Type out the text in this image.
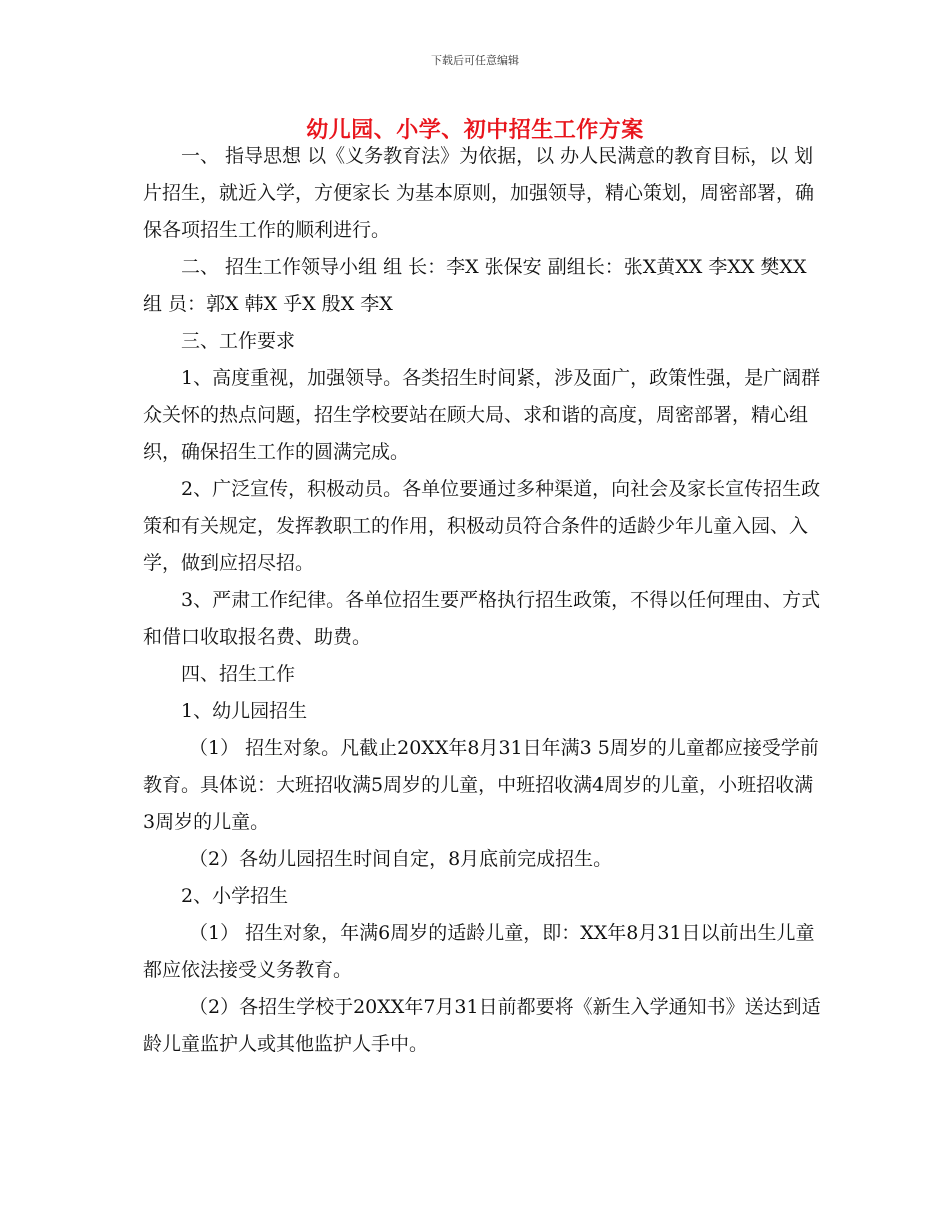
下载后可任意编辑
幼儿园、小学、初中招生工作方案

一、 指导思想 以《义务教育法》为依据，以 办人民满意的教育目标，以 划片招生，就近入学，方便家长 为基本原则，加强领导，精心策划，周密部署，确保各项招生工作的顺利进行。

二、 招生工作领导小组 组 长：李X 张保安 副组长：张X黄XX 李XX 樊XX 组 员：郭X 韩X 乎X 殷X 李X

三、工作要求

1、高度重视，加强领导。各类招生时间紧，涉及面广，政策性强，是广阔群众关怀的热点问题，招生学校要站在顾大局、求和谐的高度，周密部署，精心组织，确保招生工作的圆满完成。

2、广泛宣传，积极动员。各单位要通过多种渠道，向社会及家长宣传招生政策和有关规定，发挥教职工的作用，积极动员符合条件的适龄少年儿童入园、入学，做到应招尽招。

3、严肃工作纪律。各单位招生要严格执行招生政策，不得以任何理由、方式和借口收取报名费、助费。

四、招生工作

1、幼儿园招生

（1） 招生对象。凡截止20XX年8月31日年满3 5周岁的儿童都应接受学前教育。具体说：大班招收满5周岁的儿童，中班招收满4周岁的儿童，小班招收满3周岁的儿童。

（2）各幼儿园招生时间自定，8月底前完成招生。

2、小学招生

（1） 招生对象，年满6周岁的适龄儿童，即：XX年8月31日以前出生儿童都应依法接受义务教育。

（2）各招生学校于20XX年7月31日前都要将《新生入学通知书》送达到适龄儿童监护人或其他监护人手中。
